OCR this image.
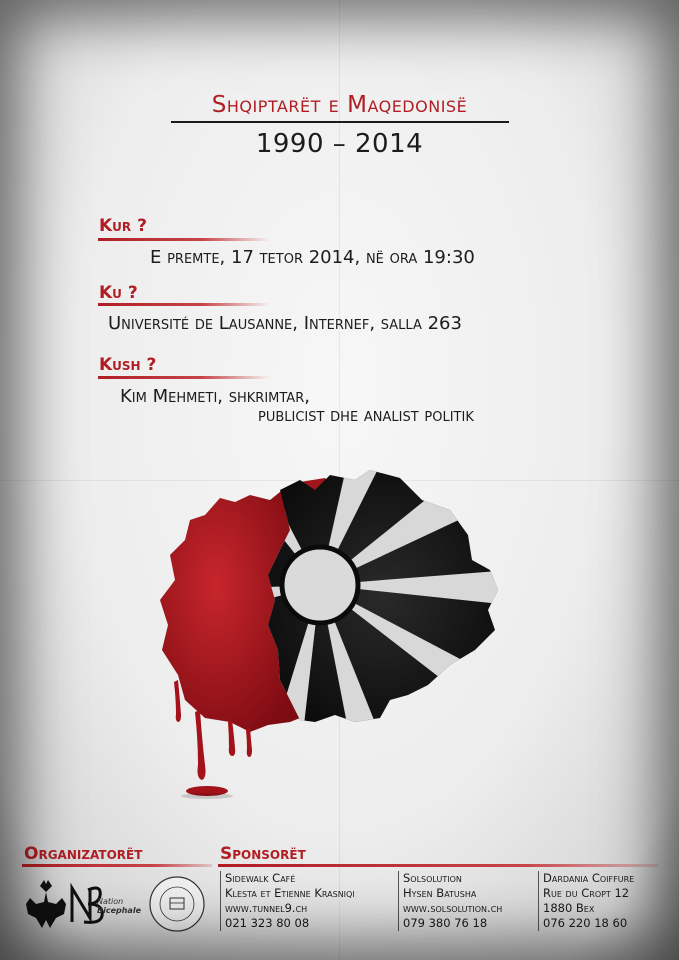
Shqiptarët e Maqedonisë
1990 – 2014
Kur ?
E premte, 17 tetor 2014, në ora 19:30
Ku ?
Université de Lausanne, Internef, salla 263
Kush ?
Kim Mehmeti, shkrimtar,
publicist dhe analist politik
Organizatorët	Sponsorët
Nation
Bicephale
Sidewalk Café
Klesta et Etienne Krasniqi
www.tunnel9.ch
021 323 80 08
Solsolution
Hysen Batusha
www.solsolution.ch
079 380 76 18
Dardania Coiffure
Rue du Cropt 12
1880 Bex
076 220 18 60
